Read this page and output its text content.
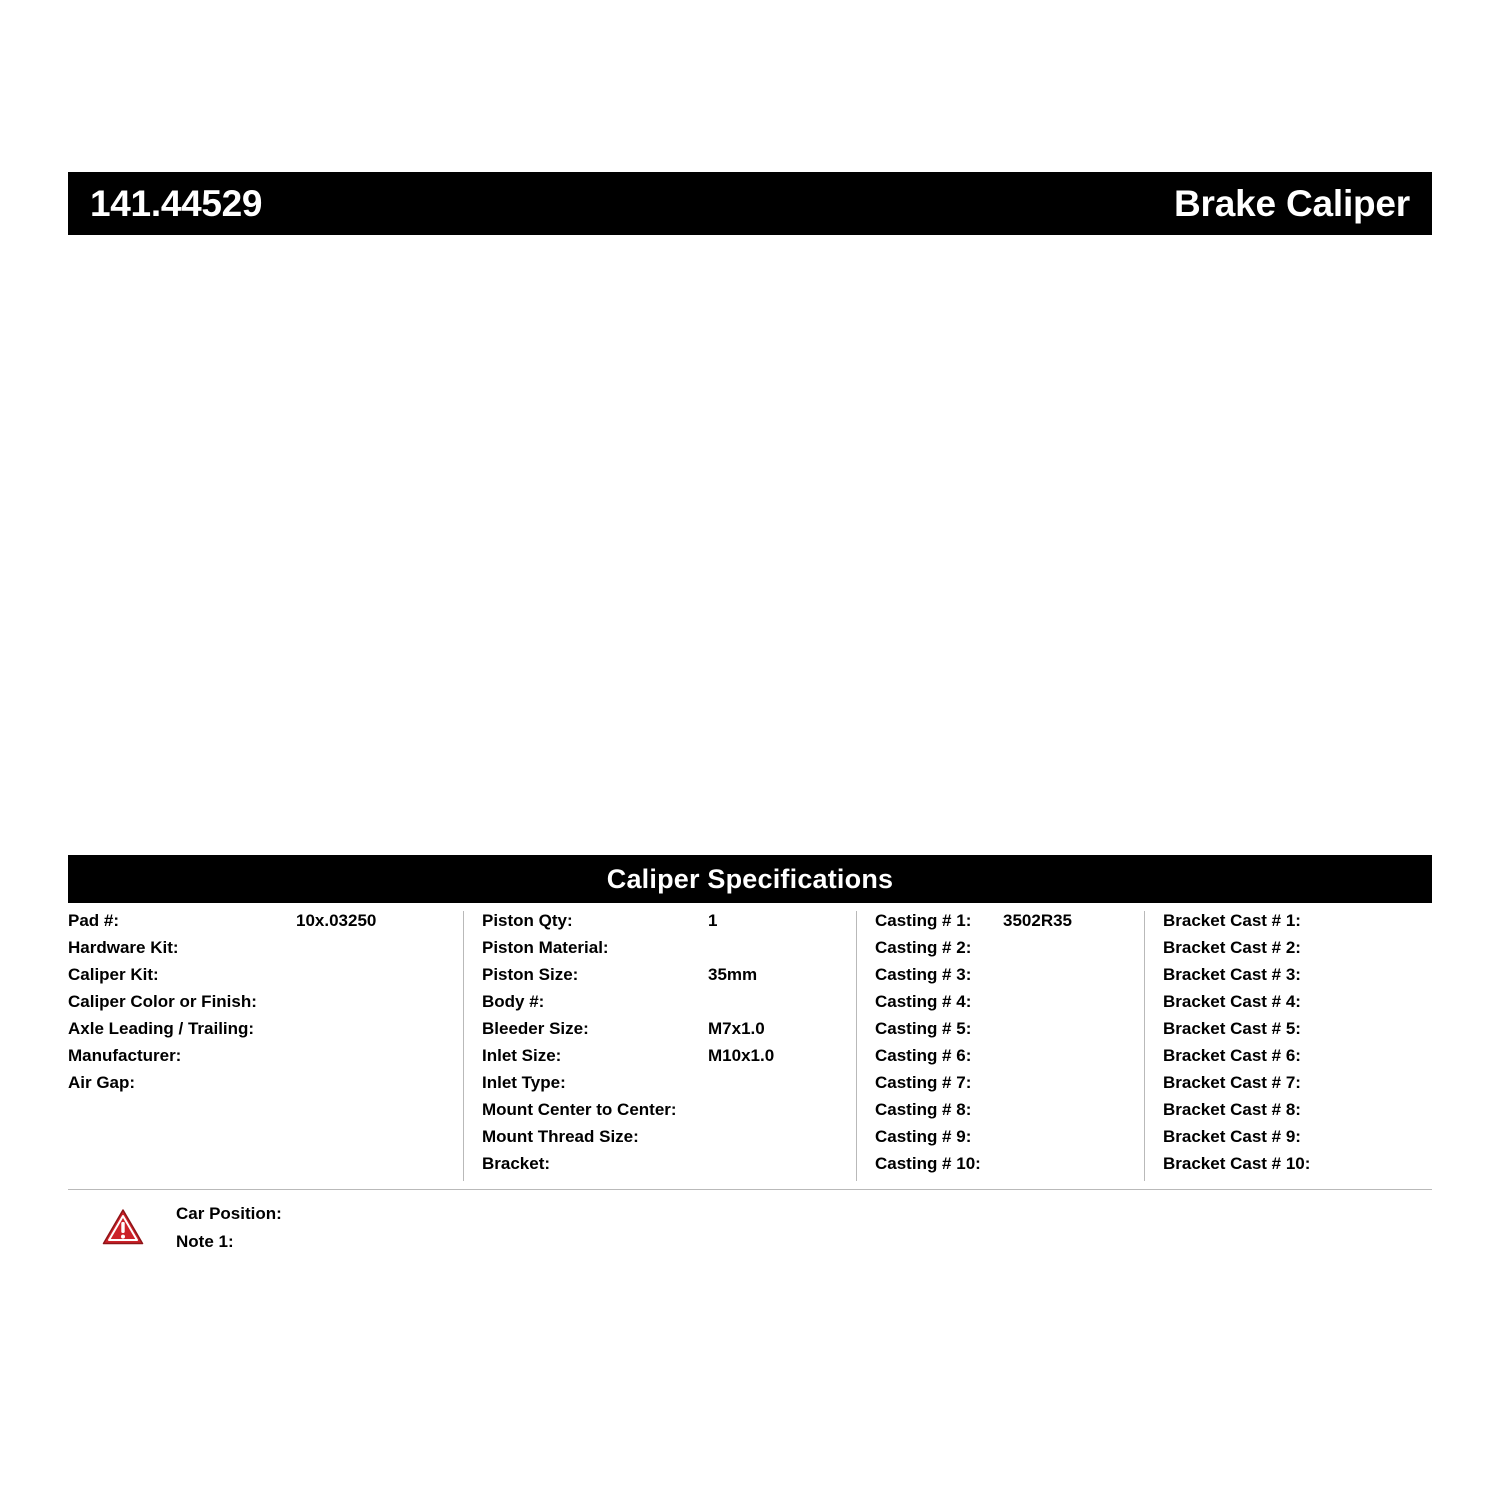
141.44529	Brake Caliper
Caliper Specifications
Pad #:	10x.03250
Hardware Kit:
Caliper Kit:
Caliper Color or Finish:
Axle Leading / Trailing:
Manufacturer:
Air Gap:
Piston Qty:	1
Piston Material:
Piston Size:	35mm
Body #:
Bleeder Size:	M7x1.0
Inlet Size:	M10x1.0
Inlet Type:
Mount Center to Center:
Mount Thread Size:
Bracket:
Casting # 1:	3502R35
Casting # 2:
Casting # 3:
Casting # 4:
Casting # 5:
Casting # 6:
Casting # 7:
Casting # 8:
Casting # 9:
Casting # 10:
Bracket Cast # 1:
Bracket Cast # 2:
Bracket Cast # 3:
Bracket Cast # 4:
Bracket Cast # 5:
Bracket Cast # 6:
Bracket Cast # 7:
Bracket Cast # 8:
Bracket Cast # 9:
Bracket Cast # 10:
Car Position:
Note 1:
